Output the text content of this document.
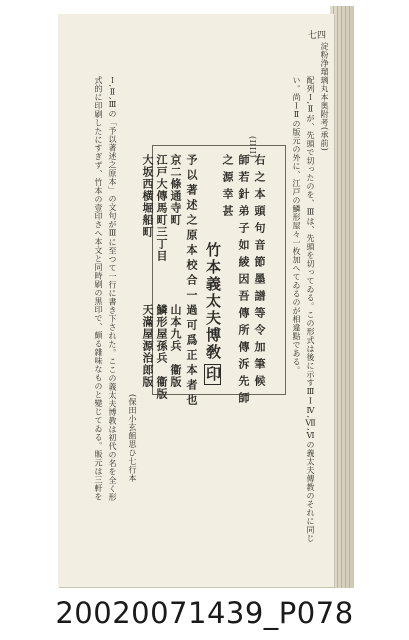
七四
淀粉浄瑠璃丸本奥附考(承前)
配列Ｉ,Ⅱが、先頭で切ったのを、Ⅲは、先頭を切ってゐる。この形式は後に示すⅢⅠⅣ,Ⅶ,Ⅵの義太夫傳教のそれに同じ
い。尚ＩⅡの版元の外に、江戸の鱗形屋々一枚加へてゐるのが相違點である。
(IIII)
右之本頭句音節墨譜等令加筆候
師若針弟子如綾因吾傳所傳泝先師
之源幸甚
竹本義太夫博敎印
予以著述之原本校合一過可爲正本者也
京二條通寺町
江戸大傳馬町三丁目
大坂西横堀船町
山本九兵　衞版
鱗形屋孫兵　衞版
天滿屋源治郎版
Ｉ,Ⅱ,Ⅲの「予以著述之原本」の文句がⅢに至つて一行に書き下された。ここの義太夫博教は初代の名を全く形
式的に印刷したにすぎず、竹本の壹印さへ本文と同時刷の黒印で、頗る雜味なものと變じてゐる。販元は三軒を	(保田小玄館思ひ七行本
20020071439_P078
